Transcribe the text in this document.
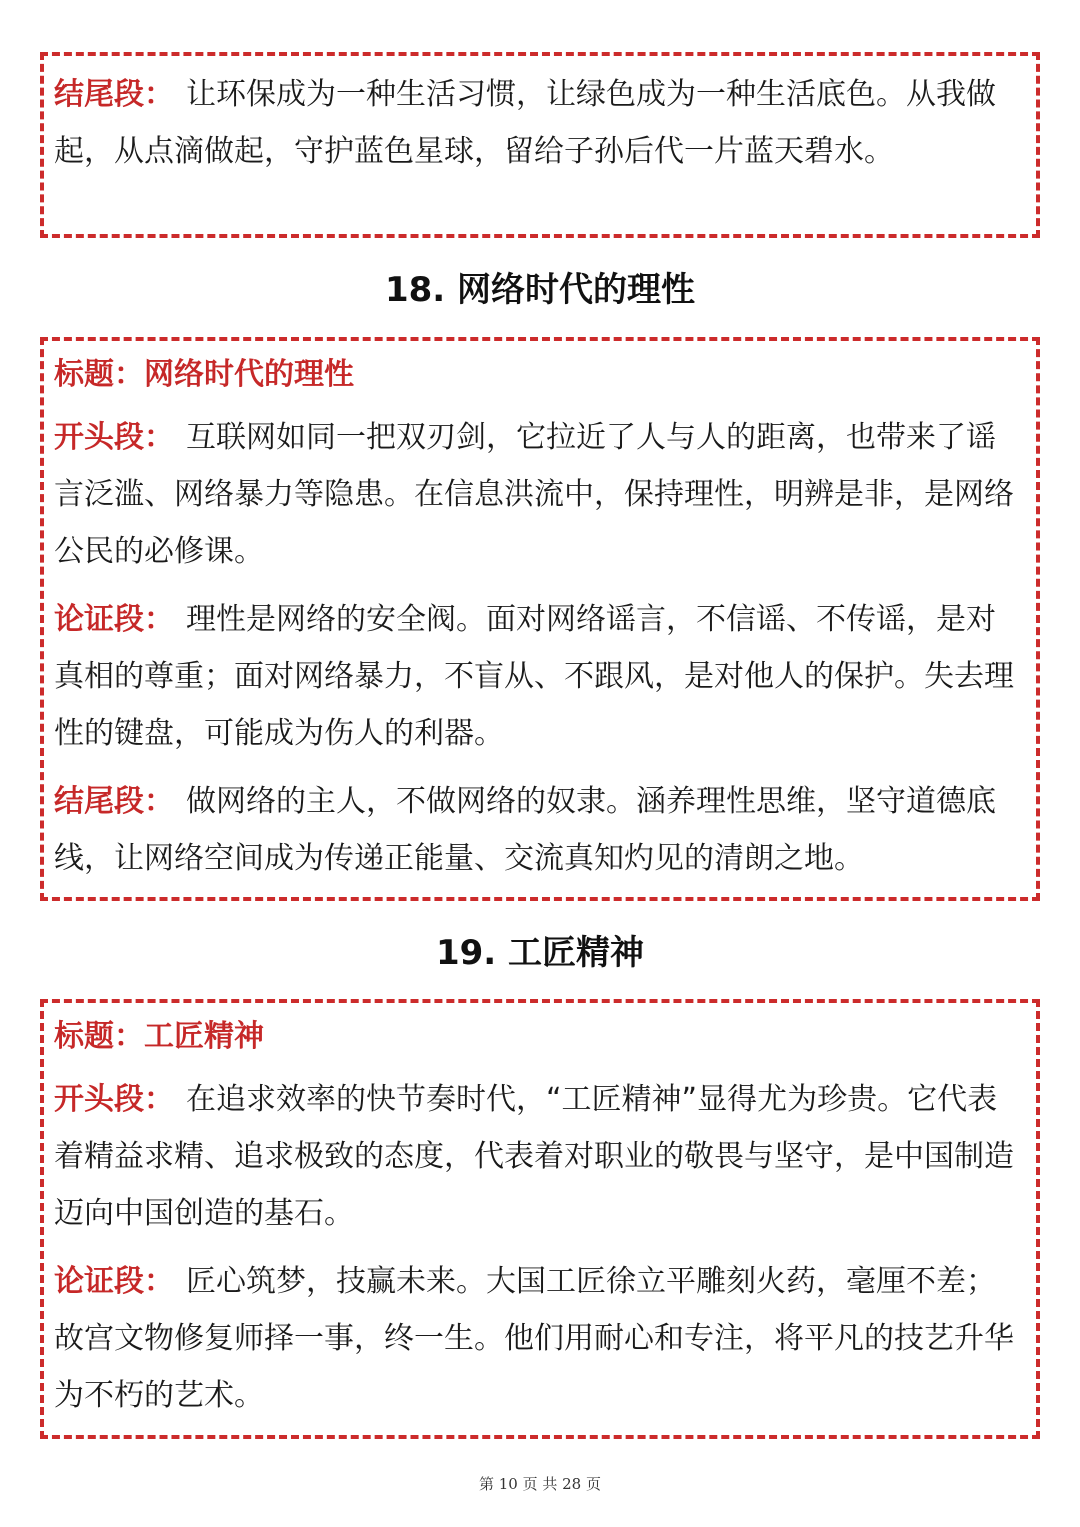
结尾段： 让环保成为一种生活习惯，让绿色成为一种生活底色。从我做起，从点滴做起，守护蓝色星球，留给子孙后代一片蓝天碧水。

18. 网络时代的理性

标题：网络时代的理性

开头段： 互联网如同一把双刃剑，它拉近了人与人的距离，也带来了谣言泛滥、网络暴力等隐患。在信息洪流中，保持理性，明辨是非，是网络公民的必修课。

论证段： 理性是网络的安全阀。面对网络谣言，不信谣、不传谣，是对真相的尊重；面对网络暴力，不盲从、不跟风，是对他人的保护。失去理性的键盘，可能成为伤人的利器。

结尾段： 做网络的主人，不做网络的奴隶。涵养理性思维，坚守道德底线，让网络空间成为传递正能量、交流真知灼见的清朗之地。

19. 工匠精神

标题：工匠精神

开头段： 在追求效率的快节奏时代，“工匠精神”显得尤为珍贵。它代表着精益求精、追求极致的态度，代表着对职业的敬畏与坚守，是中国制造迈向中国创造的基石。

论证段： 匠心筑梦，技赢未来。大国工匠徐立平雕刻火药，毫厘不差；故宫文物修复师择一事，终一生。他们用耐心和专注，将平凡的技艺升华为不朽的艺术。

第 10 页 共 28 页
